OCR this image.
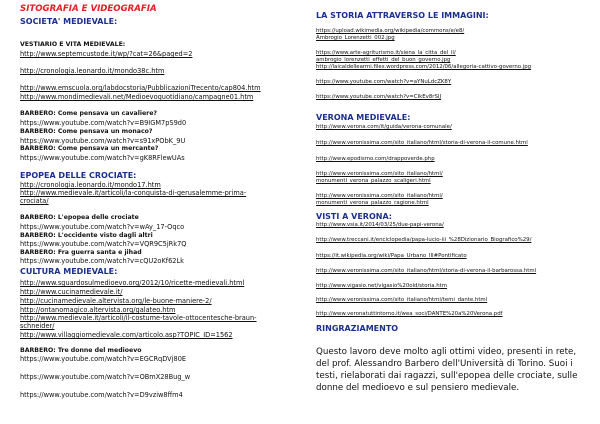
SITOGRAFIA E VIDEOGRAFIA
SOCIETA' MEDIEVALE:
VESTIARIO E VITA MEDIEVALE:
http://www.septemcustode.it/wp/?cat=26&paged=2
http://cronologia.leonardo.it/mondo38c.htm
http://www.emscuola.org/labdocstoria/PubblicazioniTrecento/cap804.htm
http://www.mondimedievali.net/Medioevoquotidiano/campagne01.htm
BARBERO: Come pensava un cavaliere?
https://www.youtube.com/watch?v=B9IGM7pS9d0
BARBERO: Come pensava un monaco?
https://www.youtube.com/watch?v=s91xPObK_9U
BARBERO: Come pensava un mercante?
https://www.youtube.com/watch?v=gK8RFlewUAs
EPOPEA DELLE CROCIATE:
http://cronologia.leonardo.it/mondo17.htm
http://www.medievale.it/articoli/la-conquista-di-gerusalemme-prima-
crociata/
BARBERO: L'epopea delle crociate
https://www.youtube.com/watch?v=wAy_17-Oqco
BARBERO: L'occidente visto dagli altri
https://www.youtube.com/watch?v=VQR9C5jRk7Q
BARBERO: Fra guerra santa e jihad
https://www.youtube.com/watch?v=cQU2oKf62Lk
CULTURA MEDIEVALE:
http://www.sguardosulmedioevo.org/2012/10/ricette-medievali.html
http://www.cucinamedievale.it/
http://cucinamedievale.altervista.org/le-buone-maniere-2/
http://ontanomagico.altervista.org/galateo.htm
http://www.medievale.it/articoli/il-costume-tavole-ottocentesche-braun-
schneider/
http://www.villaggiomedievale.com/articolo.asp?TOPIC_ID=1562
BARBERO: Tre donne del medioevo
https://www.youtube.com/watch?v=EGCRqDVj80E
https://www.youtube.com/watch?v=OBmX28Bug_w
https://www.youtube.com/watch?v=D9vziw8ffm4
LA STORIA ATTRAVERSO LE IMMAGINI:
https://upload.wikimedia.org/wikipedia/commons/e/e8/
Ambrogio_Lorenzetti_002.jpg
https://www.arte-agriturismo.it/siena_la_citta_del_il/
ambrogio_lorenzetti_effetti_del_buon_governo.jpg
http://laicaldellearmi.files.wordpress.com/2012/06/allegoria-cattivo-governo.jpg
https://www.youtube.com/watch?v=aYNuLdcZK8Y
https://www.youtube.com/watch?v=CIkEv8rSIJ
VERONA MEDIEVALE:
http://www.verona.com/it/guida/verona-comunale/
http://www.veronissima.com/sito_italiano/html/storia-di-verona-il-comune.html
http://www.epodismo.com/drappoverde.php
http://www.veronissima.com/sito_italiano/html/
monumenti_verona_palazzo_scaligeri.html
http://www.veronissima.com/sito_italiano/html/
monumenti_verona_palazzo_ragione.html
VISTI A VERONA:
http://www.vsia.it/2014/03/25/due-papi-verona/
http://www.treccani.it/enciclopedia/papa-lucio-iii_%28Dizionario_Biografico%29/
https://it.wikipedia.org/wiki/Papa_Urbano_III#Pontificato
http://www.veronissima.com/sito_italiano/html/storia-di-verona-il-barbarossa.html
http://www.vigasio.net/vigasio%20old/storia.htm
http://www.veronissima.com/sito_italiano/html/temi_dante.html
http://www.veronatuttintorno.it/wea_soci/DANTE%20a%20Verona.pdf
RINGRAZIAMENTO
Questo lavoro deve molto agli ottimi video, presenti in rete, del prof. Alessandro Barbero dell'Università di Torino. Suoi i testi, rielaborati dai ragazzi, sull'epopea delle crociate, sulle donne del medioevo e sul pensiero medievale.
